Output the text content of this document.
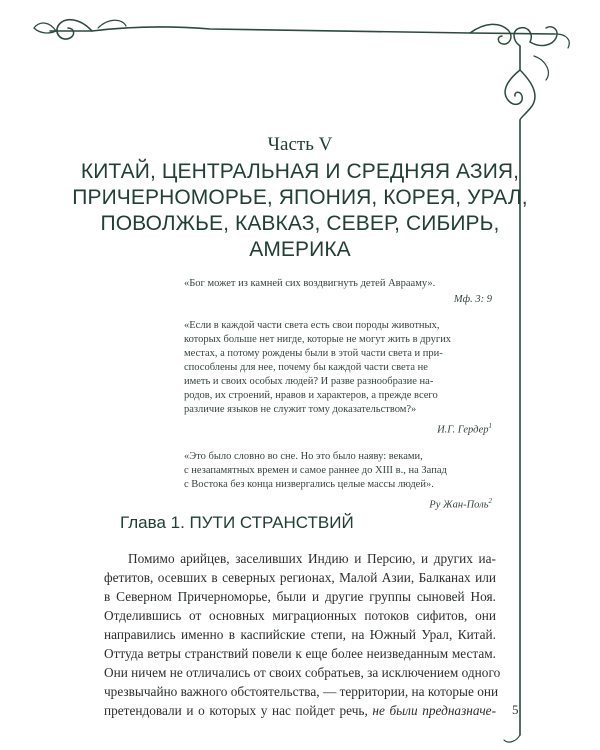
Часть V
КИТАЙ, ЦЕНТРАЛЬНАЯ И СРЕДНЯЯ АЗИЯ,
ПРИЧЕРНОМОРЬЕ, ЯПОНИЯ, КОРЕЯ, УРАЛ,
ПОВОЛЖЬЕ, КАВКАЗ, СЕВЕР, СИБИРЬ,
АМЕРИКА
«Бог может из камней сих воздвигнуть детей Аврааму».
Мф. 3: 9
«Если в каждой части света есть свои породы животных,
которых больше нет нигде, которые не могут жить в других
местах, а потому рождены были в этой части света и при-
способлены для нее, почему бы каждой части света не
иметь и своих особых людей? И разве разнообразие на-
родов, их строений, нравов и характеров, а прежде всего
различие языков не служит тому доказательством?»
И.Г. Гердер$^1$
«Это было словно во сне. Но это было наяву: веками,
с незапамятных времен и самое раннее до XIII в., на Запад
с Востока без конца низвергались целые массы людей».
Ру Жан-Поль$^2$
Глава 1. ПУТИ СТРАНСТВИЙ
Помимо арийцев, заселивших Индию и Персию, и других иа-
фетитов, осевших в северных регионах, Малой Азии, Балканах или
в Северном Причерноморье, были и другие группы сыновей Ноя.
Отделившись от основных миграционных потоков сифитов, они
направились именно в каспийские степи, на Южный Урал, Китай.
Оттуда ветры странствий повели к еще более неизведанным местам.
Они ничем не отличались от своих собратьев, за исключением одного
чрезвычайно важного обстоятельства, — территории, на которые они
претендовали и о которых у нас пойдет речь, не были предназначе- 5
